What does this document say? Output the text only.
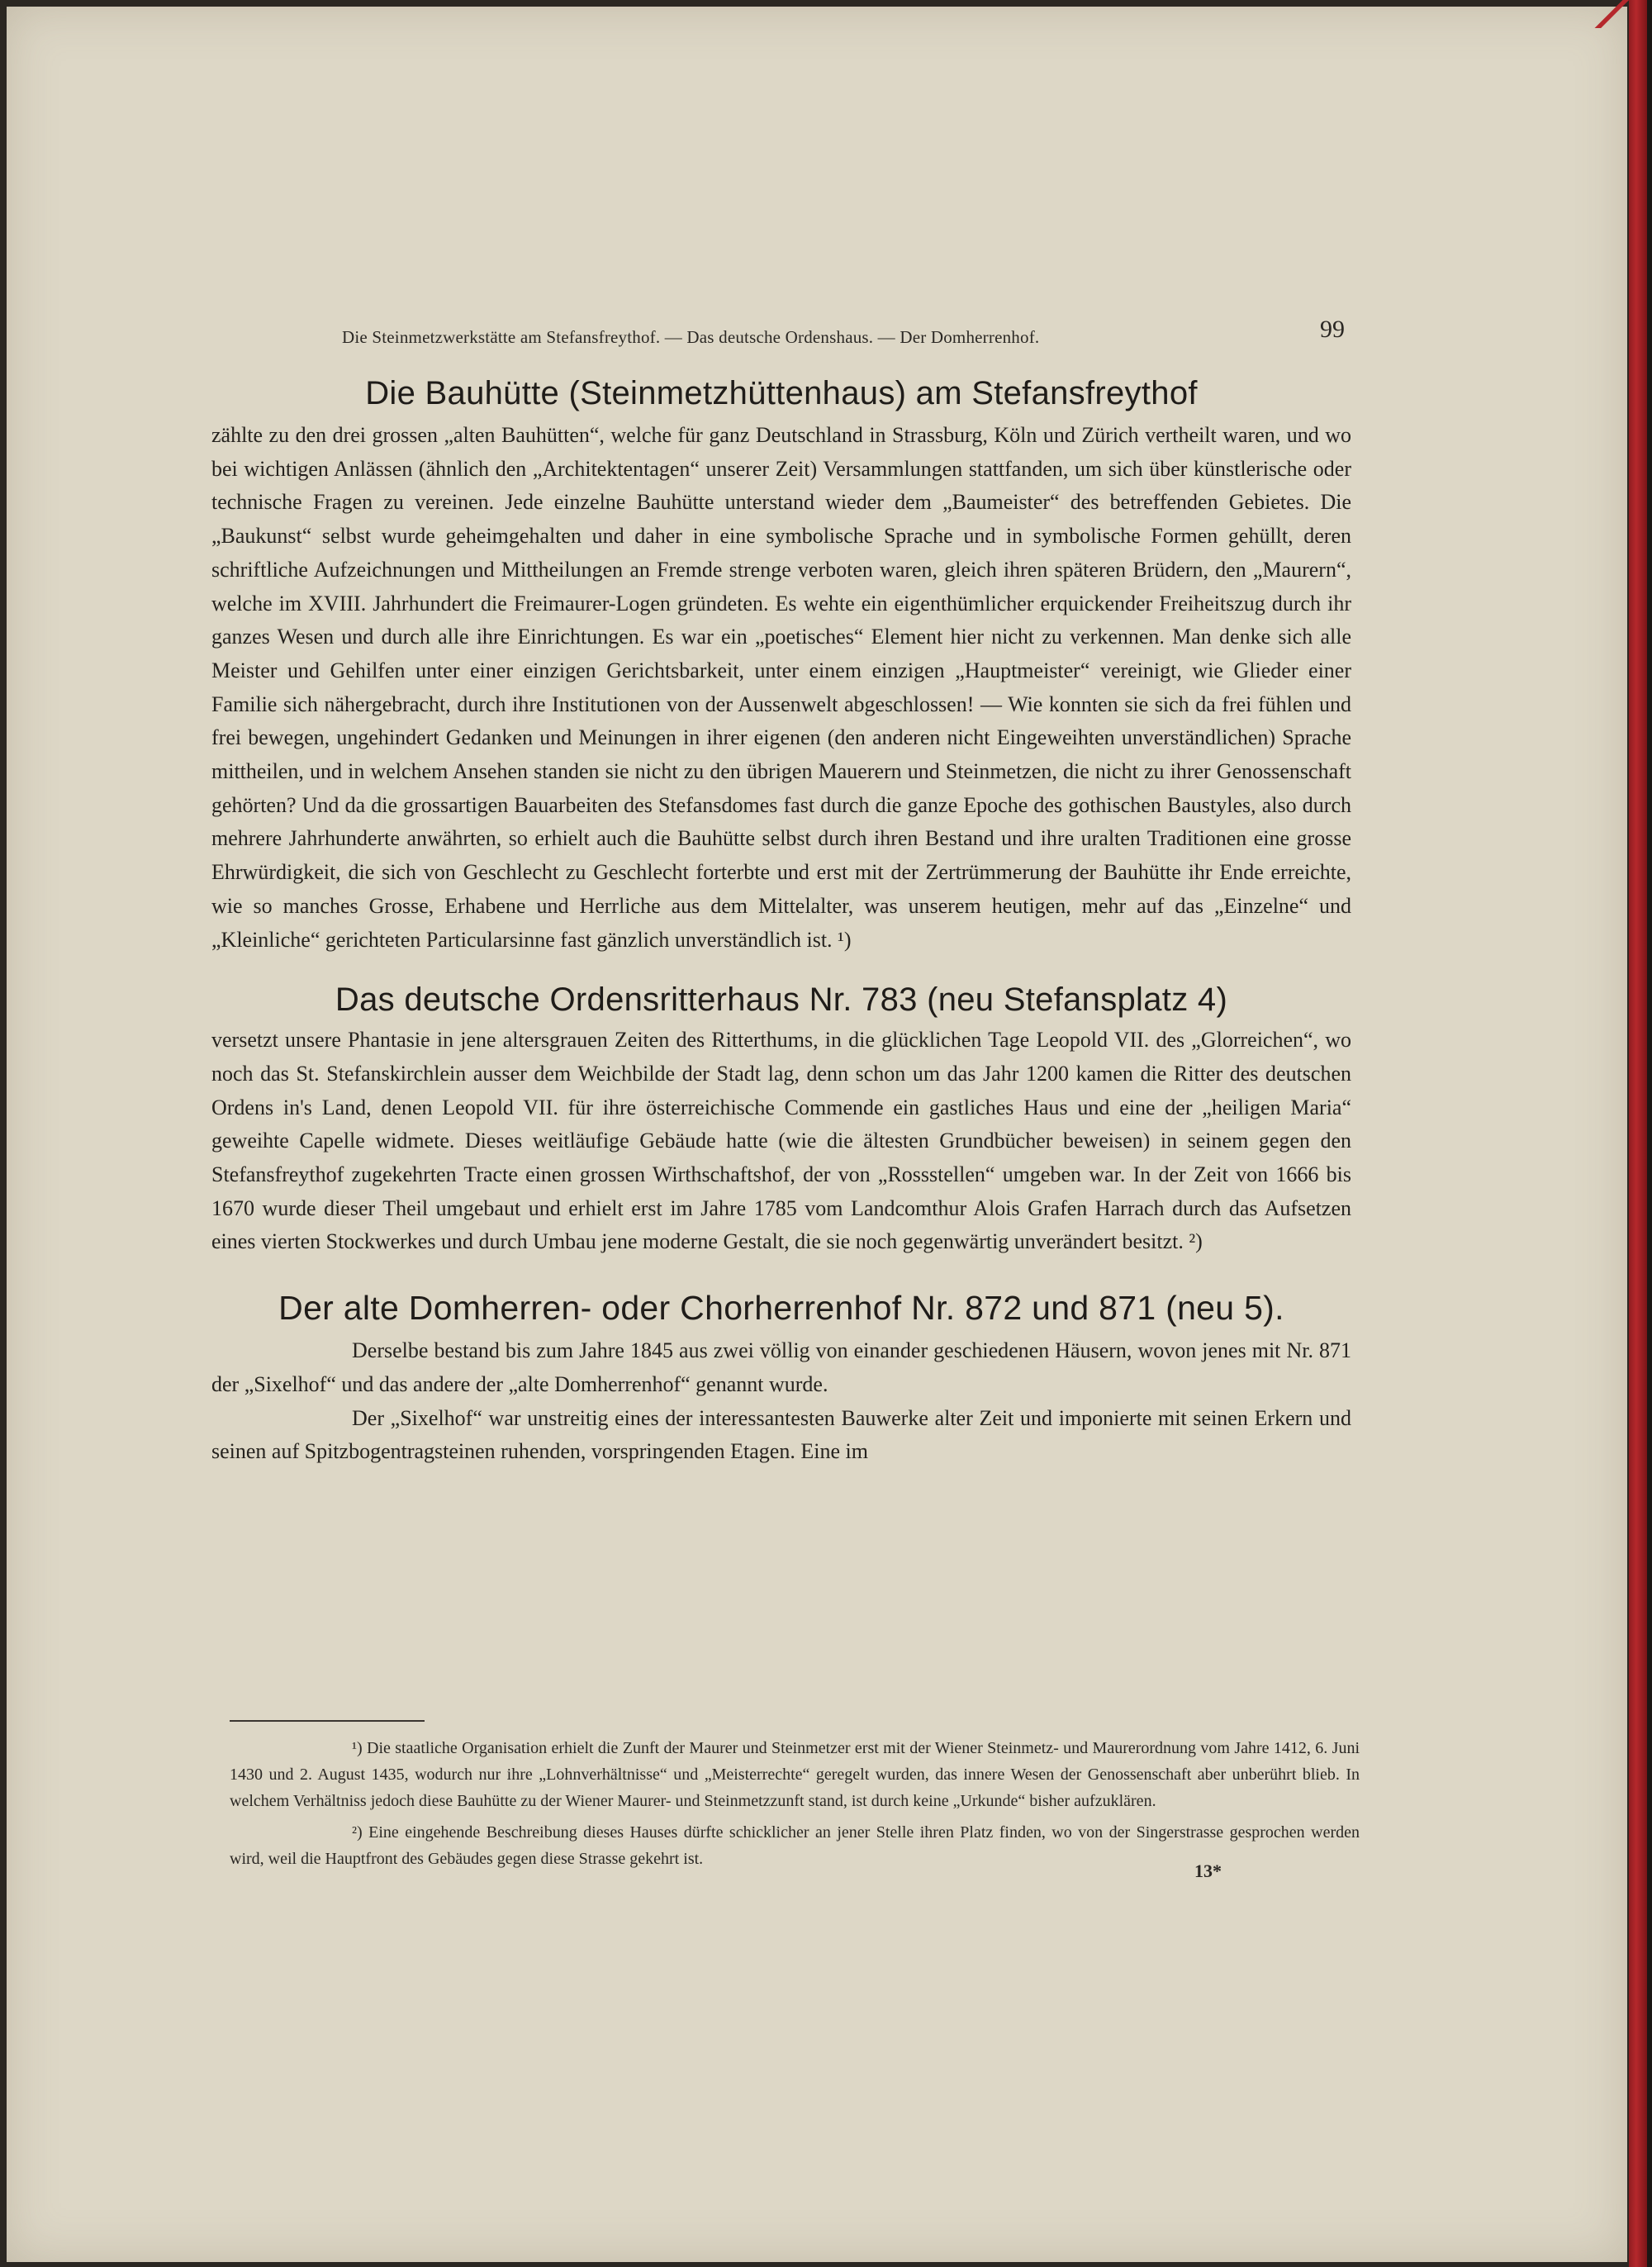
Die Steinmetzwerkstätte am Stefansfreythof. — Das deutsche Ordenshaus. — Der Domherrenhof.	99
Die Bauhütte (Steinmetzhüttenhaus) am Stefansfreythof

zählte zu den drei grossen „alten Bauhütten“, welche für ganz Deutschland in Strassburg, Köln und Zürich vertheilt waren, und wo bei wichtigen Anlässen (ähnlich den „Architektentagen“ unserer Zeit) Versammlungen stattfanden, um sich über künstlerische oder technische Fragen zu vereinen. Jede einzelne Bauhütte unterstand wieder dem „Baumeister“ des betreffenden Gebietes. Die „Baukunst“ selbst wurde geheimgehalten und daher in eine symbolische Sprache und in symbolische Formen gehüllt, deren schriftliche Aufzeichnungen und Mittheilungen an Fremde strenge verboten waren, gleich ihren späteren Brüdern, den „Maurern“, welche im XVIII. Jahrhundert die Freimaurer-Logen gründeten. Es wehte ein eigenthümlicher erquickender Freiheitszug durch ihr ganzes Wesen und durch alle ihre Einrichtungen. Es war ein „poetisches“ Element hier nicht zu verkennen. Man denke sich alle Meister und Gehilfen unter einer einzigen Gerichtsbarkeit, unter einem einzigen „Hauptmeister“ vereinigt, wie Glieder einer Familie sich nähergebracht, durch ihre Institutionen von der Aussenwelt abgeschlossen! — Wie konnten sie sich da frei fühlen und frei bewegen, ungehindert Gedanken und Meinungen in ihrer eigenen (den anderen nicht Eingeweihten unverständlichen) Sprache mittheilen, und in welchem Ansehen standen sie nicht zu den übrigen Mauerern und Steinmetzen, die nicht zu ihrer Genossenschaft gehörten? Und da die grossartigen Bauarbeiten des Stefansdomes fast durch die ganze Epoche des gothischen Baustyles, also durch mehrere Jahrhunderte anwährten, so erhielt auch die Bauhütte selbst durch ihren Bestand und ihre uralten Traditionen eine grosse Ehrwürdigkeit, die sich von Geschlecht zu Geschlecht forterbte und erst mit der Zertrümmerung der Bauhütte ihr Ende erreichte, wie so manches Grosse, Erhabene und Herrliche aus dem Mittelalter, was unserem heutigen, mehr auf das „Einzelne“ und „Kleinliche“ gerichteten Particularsinne fast gänzlich unverständlich ist. ¹)

Das deutsche Ordensritterhaus Nr. 783 (neu Stefansplatz 4)

versetzt unsere Phantasie in jene altersgrauen Zeiten des Ritterthums, in die glücklichen Tage Leopold VII. des „Glorreichen“, wo noch das St. Stefanskirchlein ausser dem Weichbilde der Stadt lag, denn schon um das Jahr 1200 kamen die Ritter des deutschen Ordens in's Land, denen Leopold VII. für ihre österreichische Commende ein gastliches Haus und eine der „heiligen Maria“ geweihte Capelle widmete. Dieses weitläufige Gebäude hatte (wie die ältesten Grundbücher beweisen) in seinem gegen den Stefansfreythof zugekehrten Tracte einen grossen Wirthschaftshof, der von „Rossstellen“ umgeben war. In der Zeit von 1666 bis 1670 wurde dieser Theil umgebaut und erhielt erst im Jahre 1785 vom Landcomthur Alois Grafen Harrach durch das Aufsetzen eines vierten Stockwerkes und durch Umbau jene moderne Gestalt, die sie noch gegenwärtig unverändert besitzt. ²)

Der alte Domherren- oder Chorherrenhof Nr. 872 und 871 (neu 5).

Derselbe bestand bis zum Jahre 1845 aus zwei völlig von einander geschiedenen Häusern, wovon jenes mit Nr. 871 der „Sixelhof“ und das andere der „alte Domherrenhof“ genannt wurde.

Der „Sixelhof“ war unstreitig eines der interessantesten Bauwerke alter Zeit und imponierte mit seinen Erkern und seinen auf Spitzbogentragsteinen ruhenden, vorspringenden Etagen. Eine im

¹) Die staatliche Organisation erhielt die Zunft der Maurer und Steinmetzer erst mit der Wiener Steinmetz- und Maurerordnung vom Jahre 1412, 6. Juni 1430 und 2. August 1435, wodurch nur ihre „Lohnverhältnisse“ und „Meisterrechte“ geregelt wurden, das innere Wesen der Genossenschaft aber unberührt blieb. In welchem Verhältniss jedoch diese Bauhütte zu der Wiener Maurer- und Steinmetzzunft stand, ist durch keine „Urkunde“ bisher aufzuklären.

²) Eine eingehende Beschreibung dieses Hauses dürfte schicklicher an jener Stelle ihren Platz finden, wo von der Singerstrasse gesprochen werden wird, weil die Hauptfront des Gebäudes gegen diese Strasse gekehrt ist.

13*
